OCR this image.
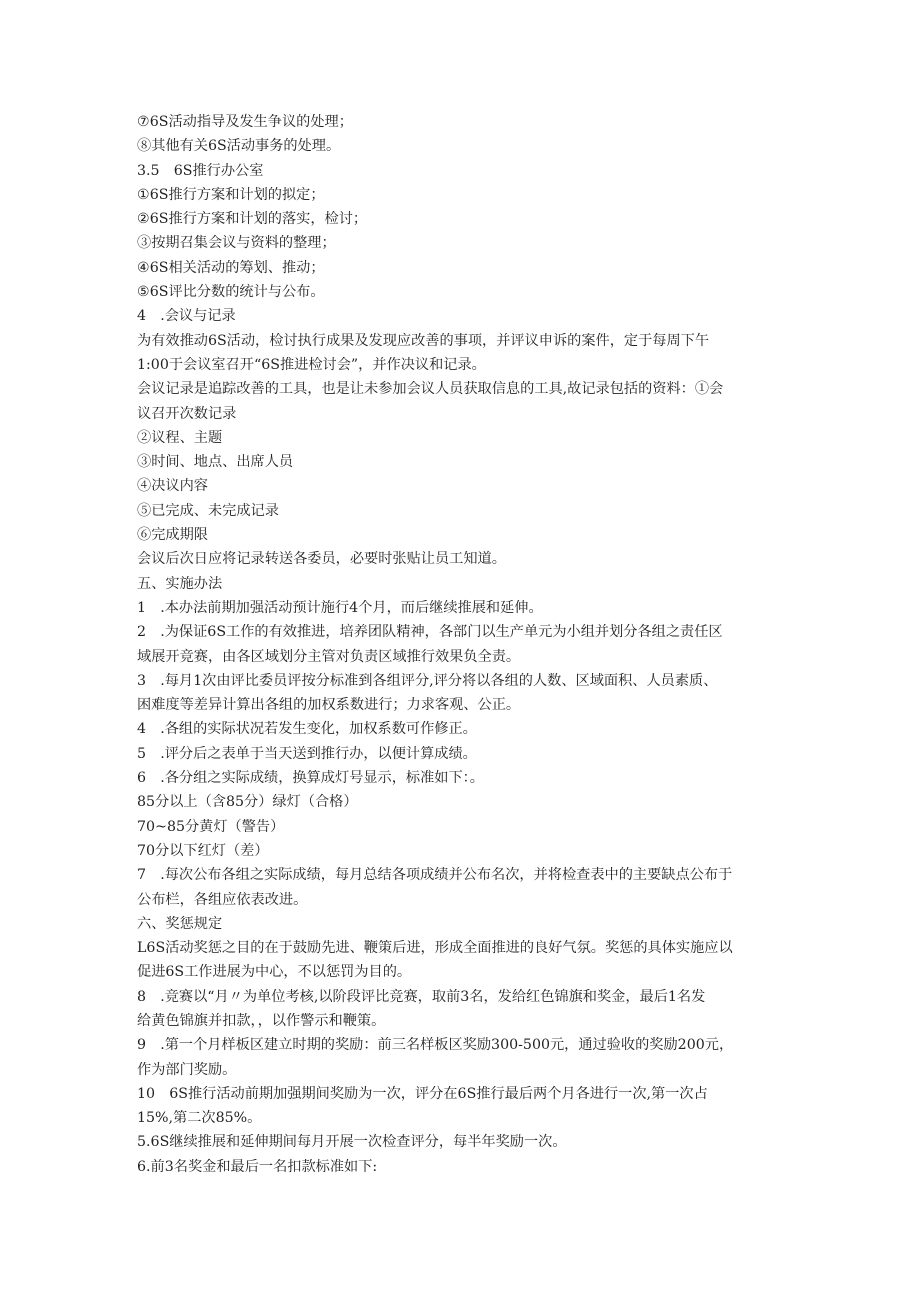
⑦6S活动指导及发生争议的处理；
⑧其他有关6S活动事务的处理。
3.5　6S推行办公室
①6S推行方案和计划的拟定；
②6S推行方案和计划的落实，检讨；
③按期召集会议与资料的整理；
④6S相关活动的筹划、推动；
⑤6S评比分数的统计与公布。
4　.会议与记录
为有效推动6S活动，检讨执行成果及发现应改善的事项，并评议申诉的案件，定于每周下午
1:00于会议室召开“6S推进检讨会”，并作决议和记录。
会议记录是追踪改善的工具，也是让未参加会议人员获取信息的工具,故记录包括的资料：①会
议召开次数记录
②议程、主题
③时间、地点、出席人员
④决议内容
⑤已完成、未完成记录
⑥完成期限
会议后次日应将记录转送各委员，必要时张贴让员工知道。
五、实施办法
1　.本办法前期加强活动预计施行4个月，而后继续推展和延伸。
2　.为保证6S工作的有效推进，培养团队精神，各部门以生产单元为小组并划分各组之责任区
域展开竞赛，由各区域划分主管对负责区域推行效果负全责。
3　.每月1次由评比委员评按分标准到各组评分,评分将以各组的人数、区域面积、人员素质、
困难度等差异计算出各组的加权系数进行；力求客观、公正。
4　.各组的实际状况若发生变化，加权系数可作修正。
5　.评分后之表单于当天送到推行办，以便计算成绩。
6　.各分组之实际成绩，换算成灯号显示，标准如下：。
85分以上（含85分）绿灯（合格）
70~85分黄灯（警告）
70分以下红灯（差）
7　.每次公布各组之实际成绩，每月总结各项成绩并公布名次，并将检查表中的主要缺点公布于
公布栏，各组应依表改进。
六、奖惩规定
L6S活动奖惩之目的在于鼓励先进、鞭策后进，形成全面推进的良好气氛。奖惩的具体实施应以
促进6S工作进展为中心，不以惩罚为目的。
8　.竞赛以“月〃为单位考核,以阶段评比竞赛，取前3名，发给红色锦旗和奖金，最后1名发
给黄色锦旗并扣款，，以作警示和鞭策。
9　.第一个月样板区建立时期的奖励：前三名样板区奖励300-500元，通过验收的奖励200元，
作为部门奖励。
10　6S推行活动前期加强期间奖励为一次，评分在6S推行最后两个月各进行一次,第一次占
15%,第二次85%。
5.6S继续推展和延伸期间每月开展一次检查评分，每半年奖励一次。
6.前3名奖金和最后一名扣款标准如下:
